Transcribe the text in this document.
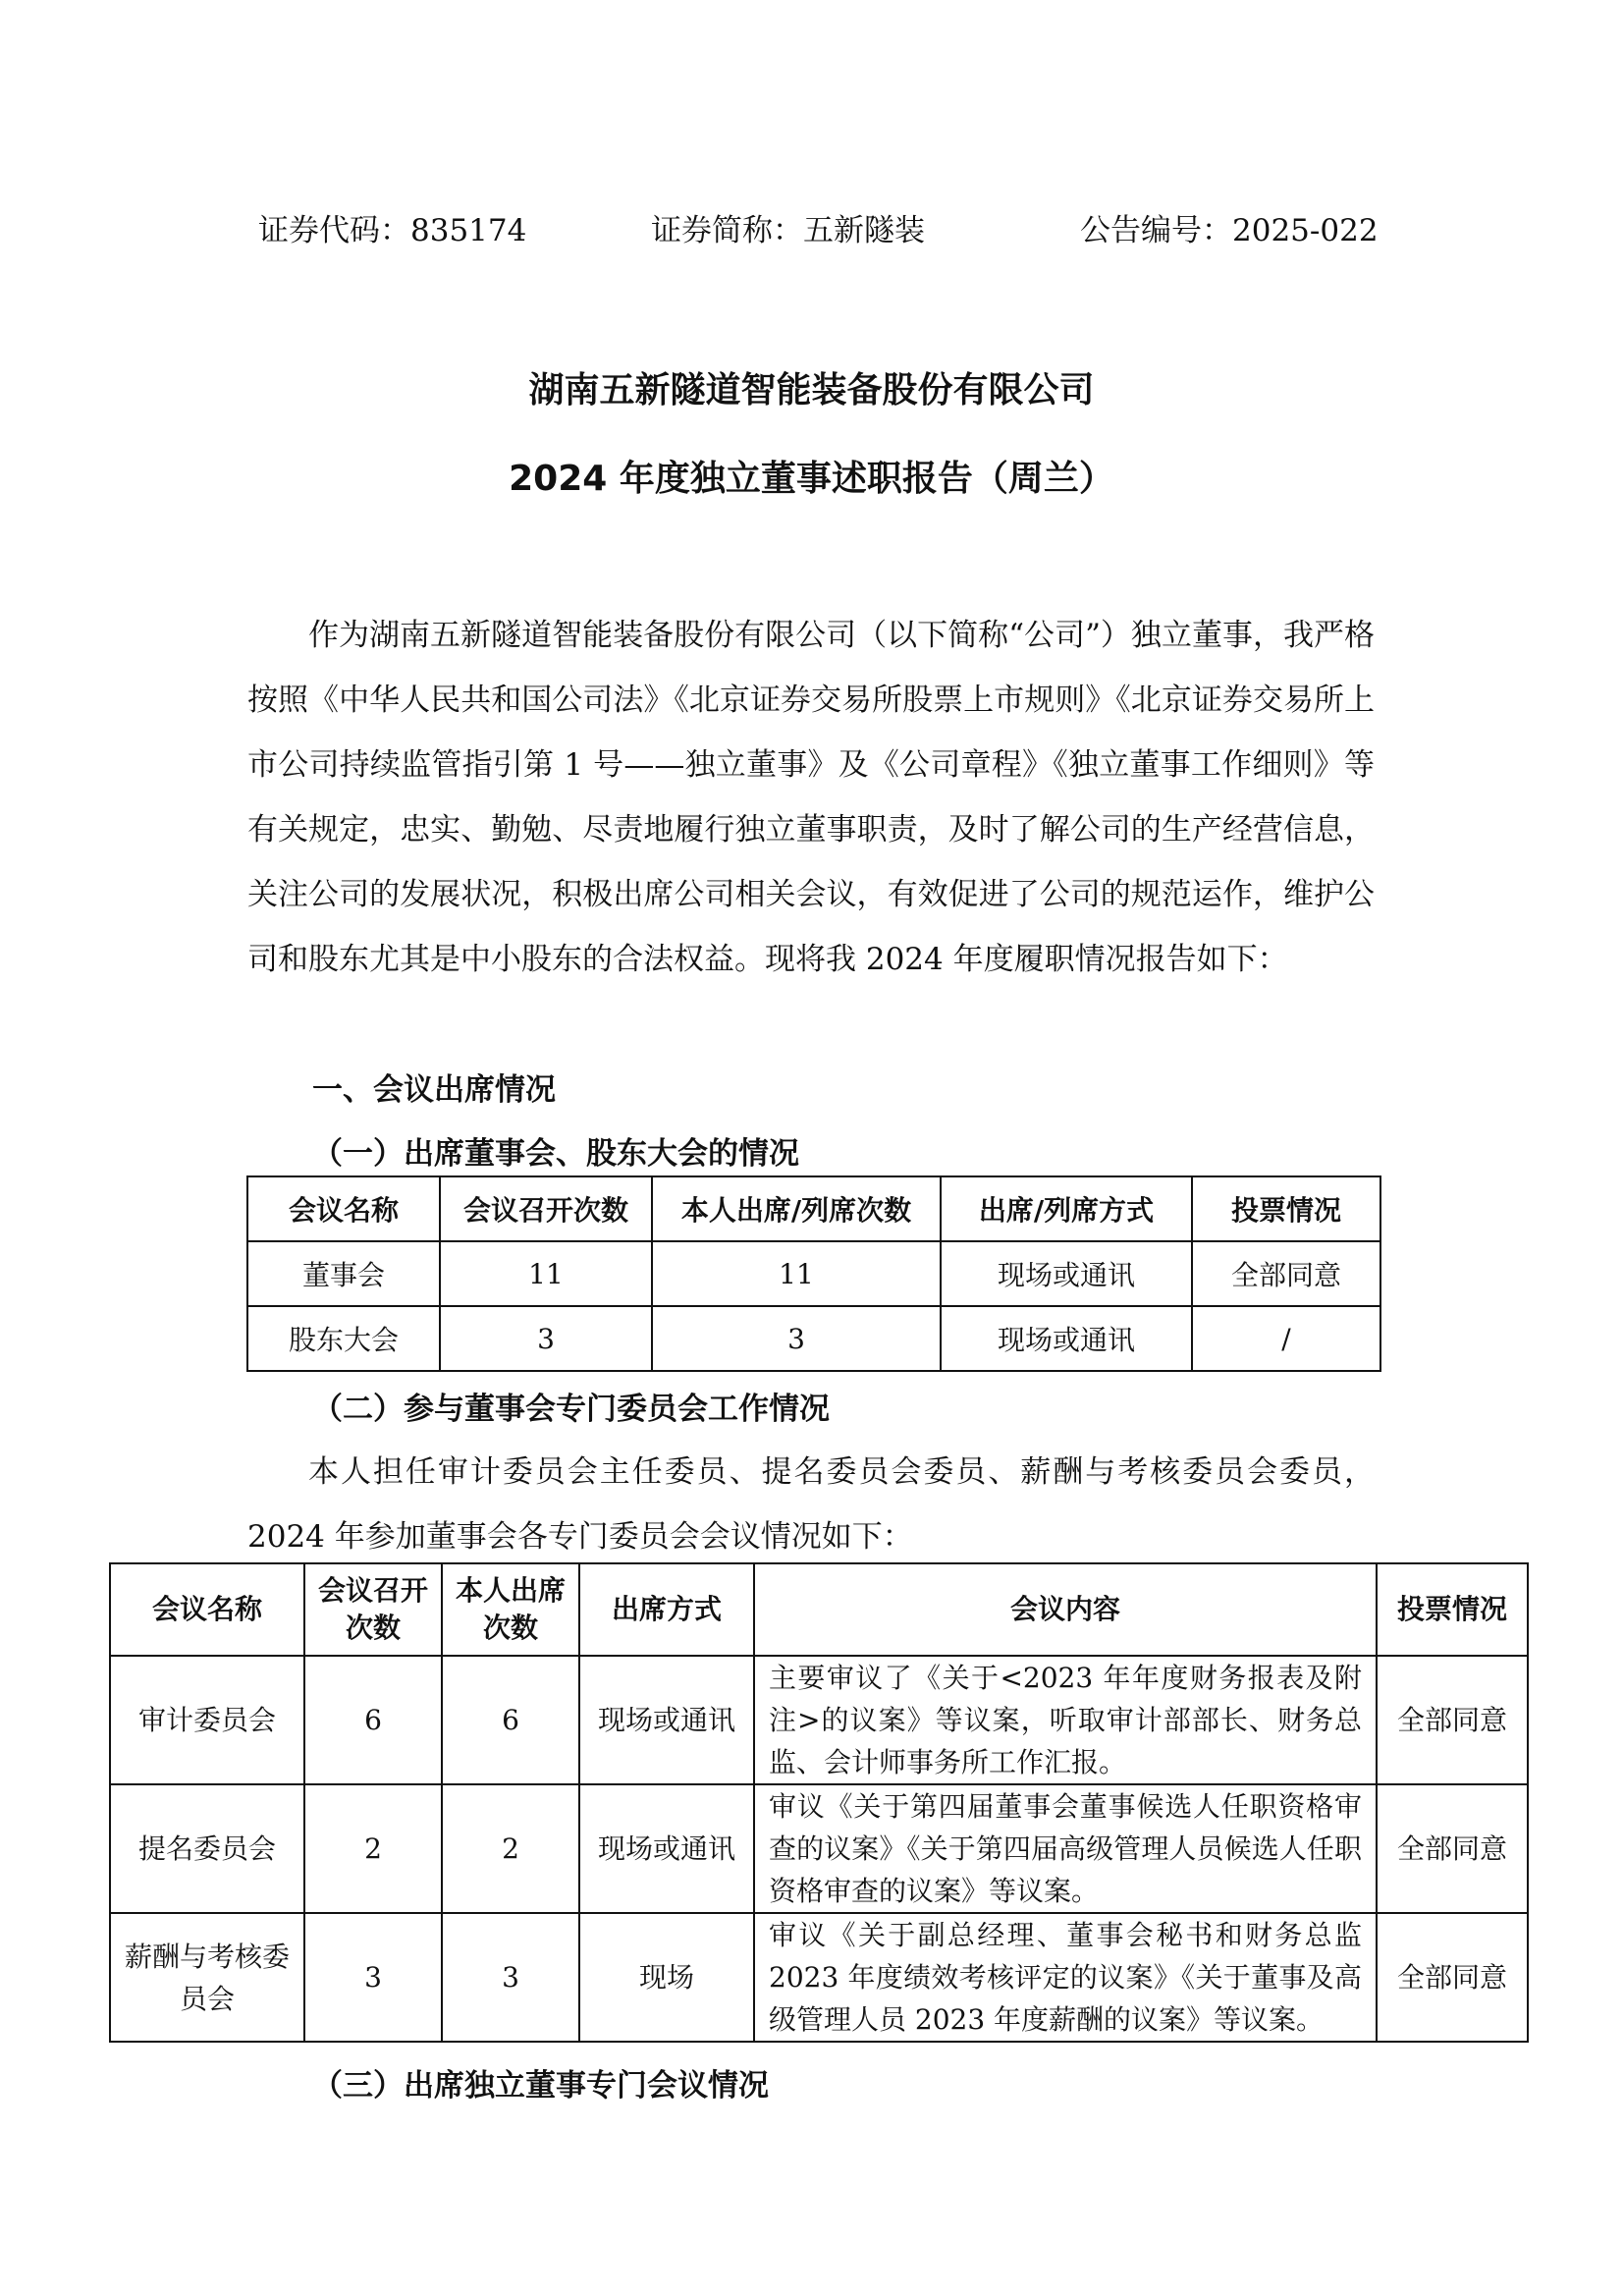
证券代码：835174	证券简称：五新隧装	公告编号：2025-022
湖南五新隧道智能装备股份有限公司
2024 年度独立董事述职报告（周兰）

作为湖南五新隧道智能装备股份有限公司（以下简称“公司”）独立董事，我严格按照《中华人民共和国公司法》《北京证券交易所股票上市规则》《北京证券交易所上市公司持续监管指引第 1 号——独立董事》及《公司章程》《独立董事工作细则》等有关规定，忠实、勤勉、尽责地履行独立董事职责，及时了解公司的生产经营信息，关注公司的发展状况，积极出席公司相关会议，有效促进了公司的规范运作，维护公司和股东尤其是中小股东的合法权益。现将我 2024 年度履职情况报告如下：

一、会议出席情况
（一）出席董事会、股东大会的情况
会议名称	会议召开次数	本人出席/列席次数	出席/列席方式	投票情况
董事会	11	11	现场或通讯	全部同意
股东大会	3	3	现场或通讯	/
（二）参与董事会专门委员会工作情况

本人担任审计委员会主任委员、提名委员会委员、薪酬与考核委员会委员，2024 年参加董事会各专门委员会会议情况如下：

会议名称	会议召开次数	本人出席次数	出席方式	会议内容	投票情况
审计委员会	6	6	现场或通讯	主要审议了《关于<2023 年年度财务报表及附注>的议案》等议案，听取审计部部长、财务总监、会计师事务所工作汇报。	全部同意
提名委员会	2	2	现场或通讯	审议《关于第四届董事会董事候选人任职资格审查的议案》《关于第四届高级管理人员候选人任职资格审查的议案》等议案。	全部同意
薪酬与考核委员会	3	3	现场	审议《关于副总经理、董事会秘书和财务总监 2023 年度绩效考核评定的议案》《关于董事及高级管理人员 2023 年度薪酬的议案》等议案。	全部同意
（三）出席独立董事专门会议情况
